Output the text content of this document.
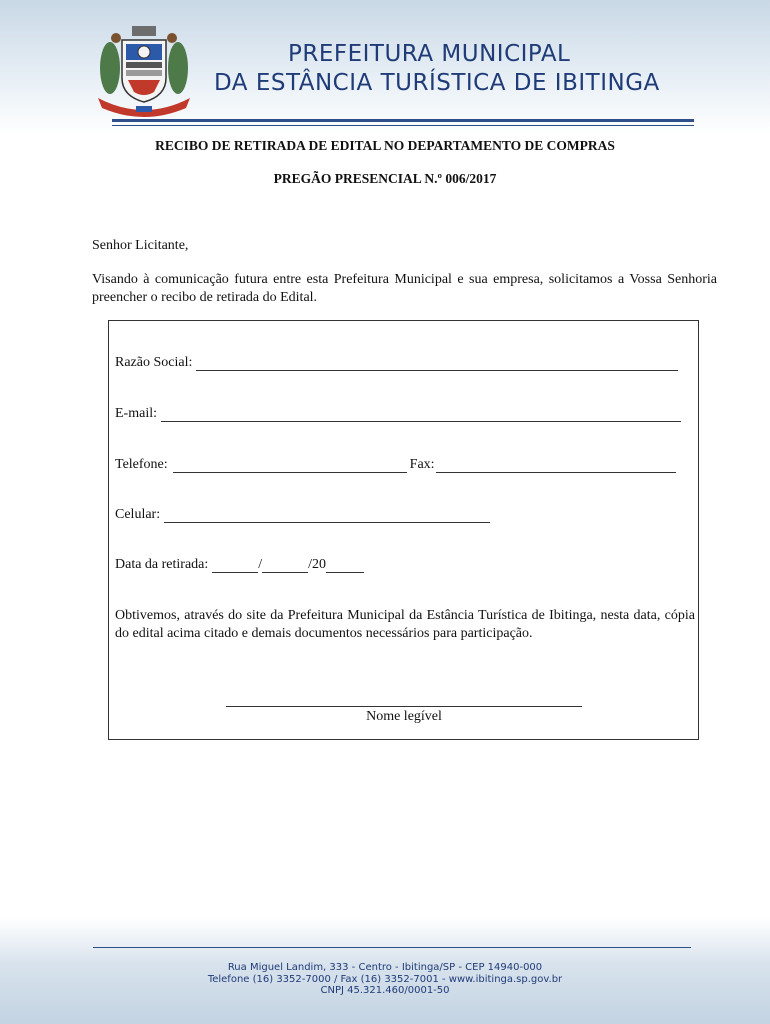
PREFEITURA MUNICIPAL
DA ESTÂNCIA TURÍSTICA DE IBITINGA
RECIBO DE RETIRADA DE EDITAL NO DEPARTAMENTO DE COMPRAS
PREGÃO PRESENCIAL N.º 006/2017
Senhor Licitante,
Visando à comunicação futura entre esta Prefeitura Municipal e sua empresa, solicitamos a Vossa Senhoria preencher o recibo de retirada do Edital.
Razão Social:
E-mail:
Telefone:	Fax:
Celular:
Data da retirada:	/	/20
Obtivemos, através do site da Prefeitura Municipal da Estância Turística de Ibitinga, nesta data, cópia do edital acima citado e demais documentos necessários para participação.
Nome legível
Rua Miguel Landim, 333 - Centro - Ibitinga/SP - CEP 14940-000
Telefone (16) 3352-7000 / Fax (16) 3352-7001 - www.ibitinga.sp.gov.br
CNPJ 45.321.460/0001-50
